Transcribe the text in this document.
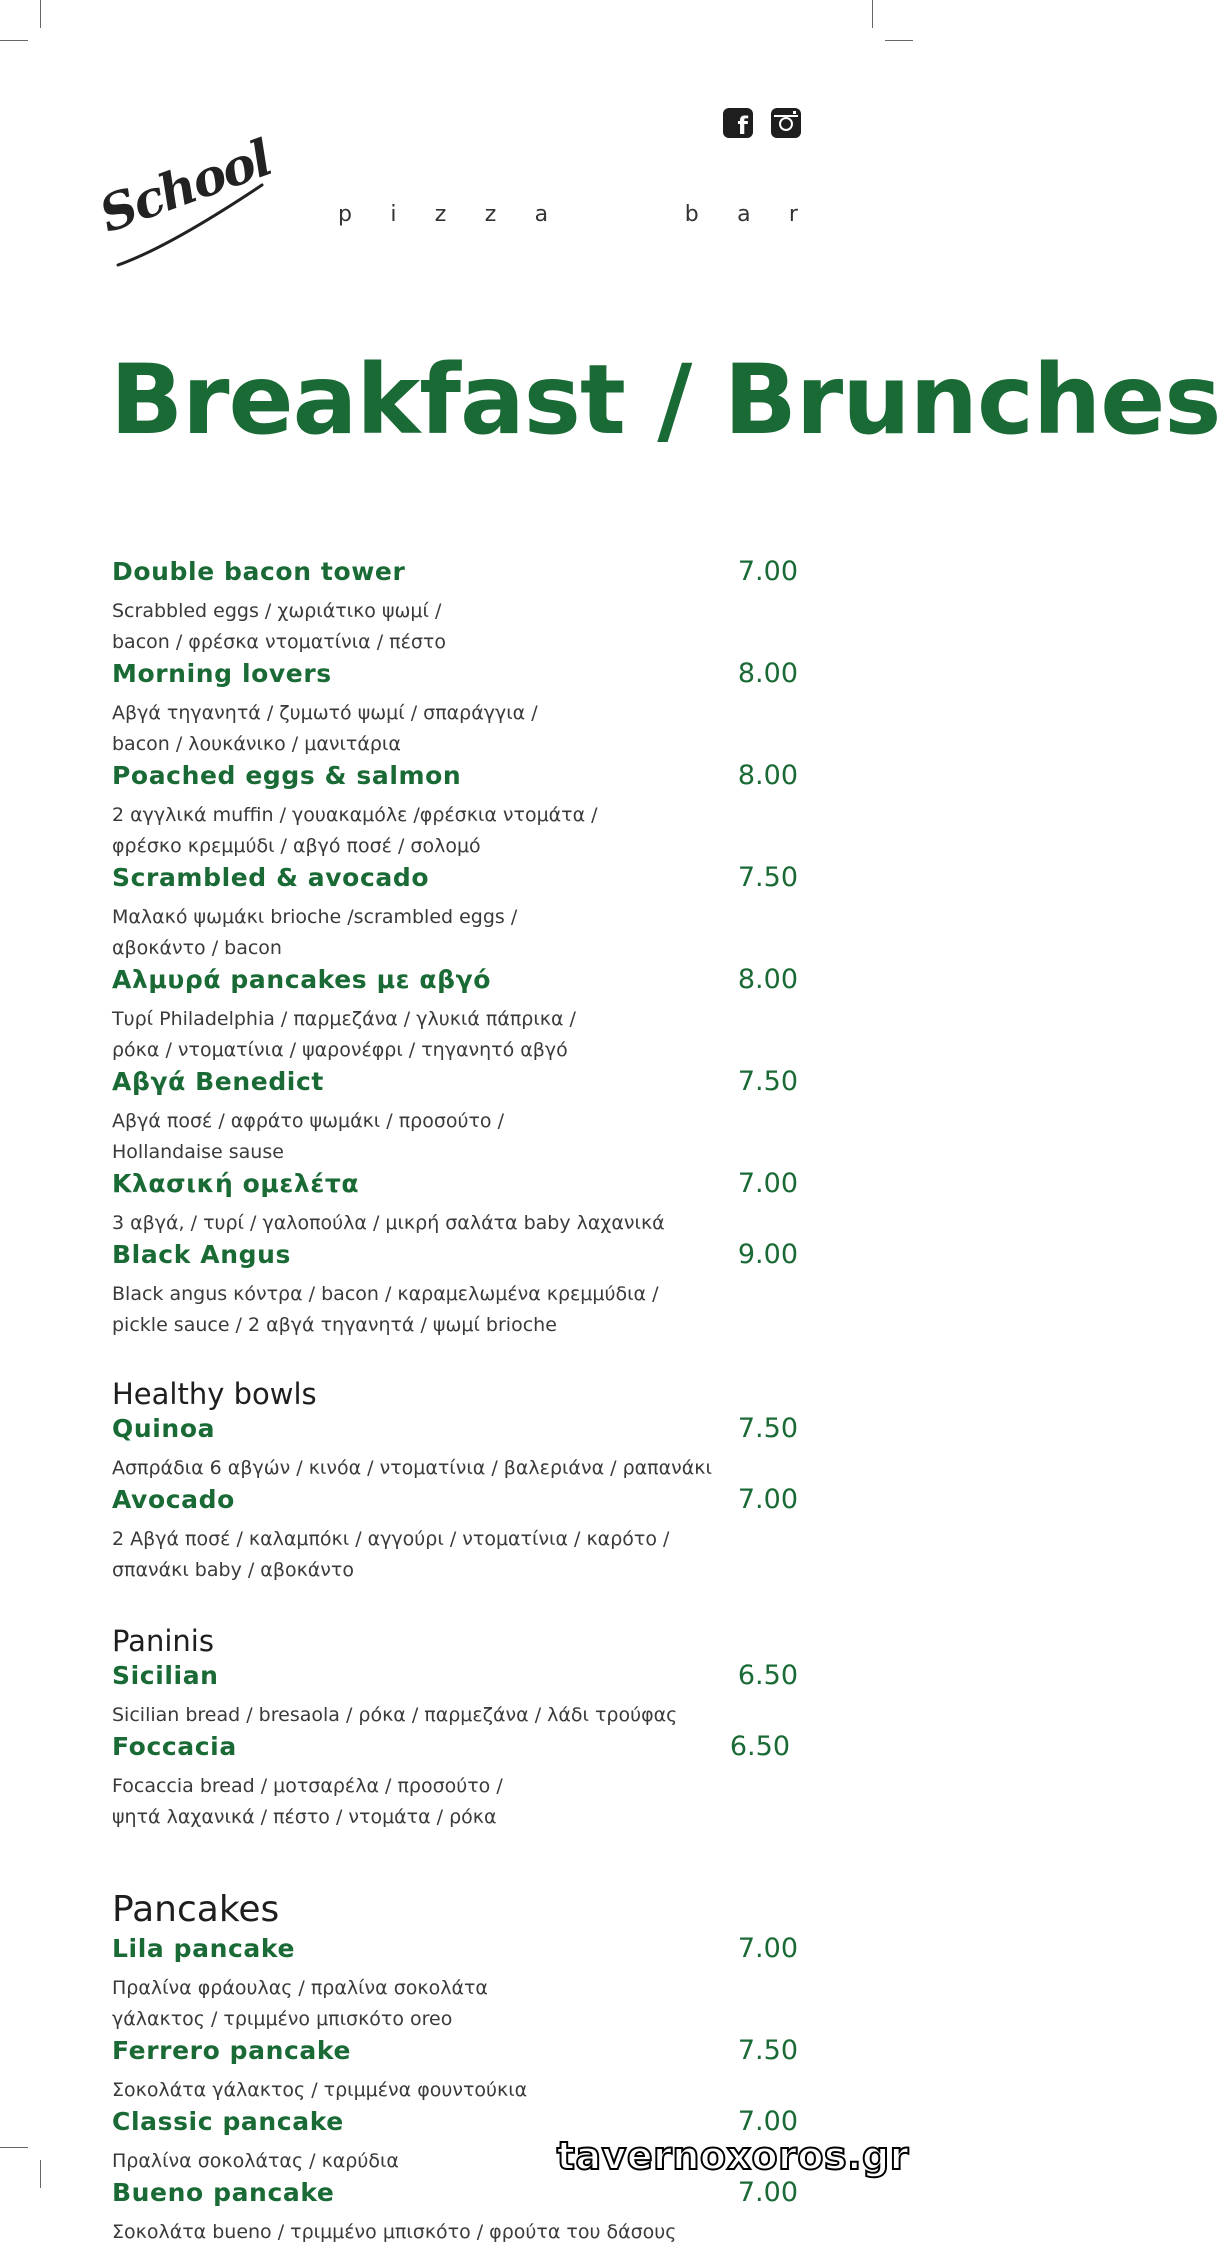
f
School	p i z z a	b a r
Breakfast / Brunches
Double bacon tower	7.00
Scrabbled eggs / χωριάτικο ψωμί /
bacon / φρέσκα ντοματίνια / πέστο
Morning lovers	8.00
Αβγά τηγανητά / ζυμωτό ψωμί / σπαράγγια /
bacon / λουκάνικο / μανιτάρια
Poached eggs & salmon	8.00
2 αγγλικά muffin / γουακαμόλε /φρέσκια ντομάτα /
φρέσκο κρεμμύδι / αβγό ποσέ / σολομό
Scrambled & avocado	7.50
Μαλακό ψωμάκι brioche /scrambled eggs /
αβοκάντο / bacon
Αλμυρά pancakes με αβγό	8.00
Τυρί Philadelphia / παρμεζάνα / γλυκιά πάπρικα /
ρόκα / ντοματίνια / ψαρονέφρι / τηγανητό αβγό
Αβγά Benedict	7.50
Αβγά ποσέ / αφράτο ψωμάκι / προσούτο /
Hollandaise sause
Κλασική ομελέτα	7.00
3 αβγά, / τυρί / γαλοπούλα / μικρή σαλάτα baby λαχανικά
Black Angus	9.00
Black angus κόντρα / bacon / καραμελωμένα κρεμμύδια /
pickle sauce / 2 αβγά τηγανητά / ψωμί brioche
Healthy bowls
Quinoa	7.50
Ασπράδια 6 αβγών / κινόα / ντοματίνια / βαλεριάνα / ραπανάκι
Avocado	7.00
2 Αβγά ποσέ / καλαμπόκι / αγγούρι / ντοματίνια / καρότο /
σπανάκι baby / αβοκάντο
Paninis
Sicilian	6.50
Sicilian bread / bresaola / ρόκα / παρμεζάνα / λάδι τρούφας
Foccacia	6.50
Focaccia bread / μοτσαρέλα / προσούτο /
ψητά λαχανικά / πέστο / ντομάτα / ρόκα
Pancakes
Lila pancake	7.00
Πραλίνα φράουλας / πραλίνα σοκολάτα
γάλακτος / τριμμένο μπισκότο oreo
Ferrero pancake	7.50
Σοκολάτα γάλακτος / τριμμένα φουντούκια
Classic pancake	7.00
Πραλίνα σοκολάτας / καρύδια
Bueno pancake	7.00
Σοκολάτα bueno / τριμμένο μπισκότο / φρούτα του δάσους
tavernoxoros.gr
